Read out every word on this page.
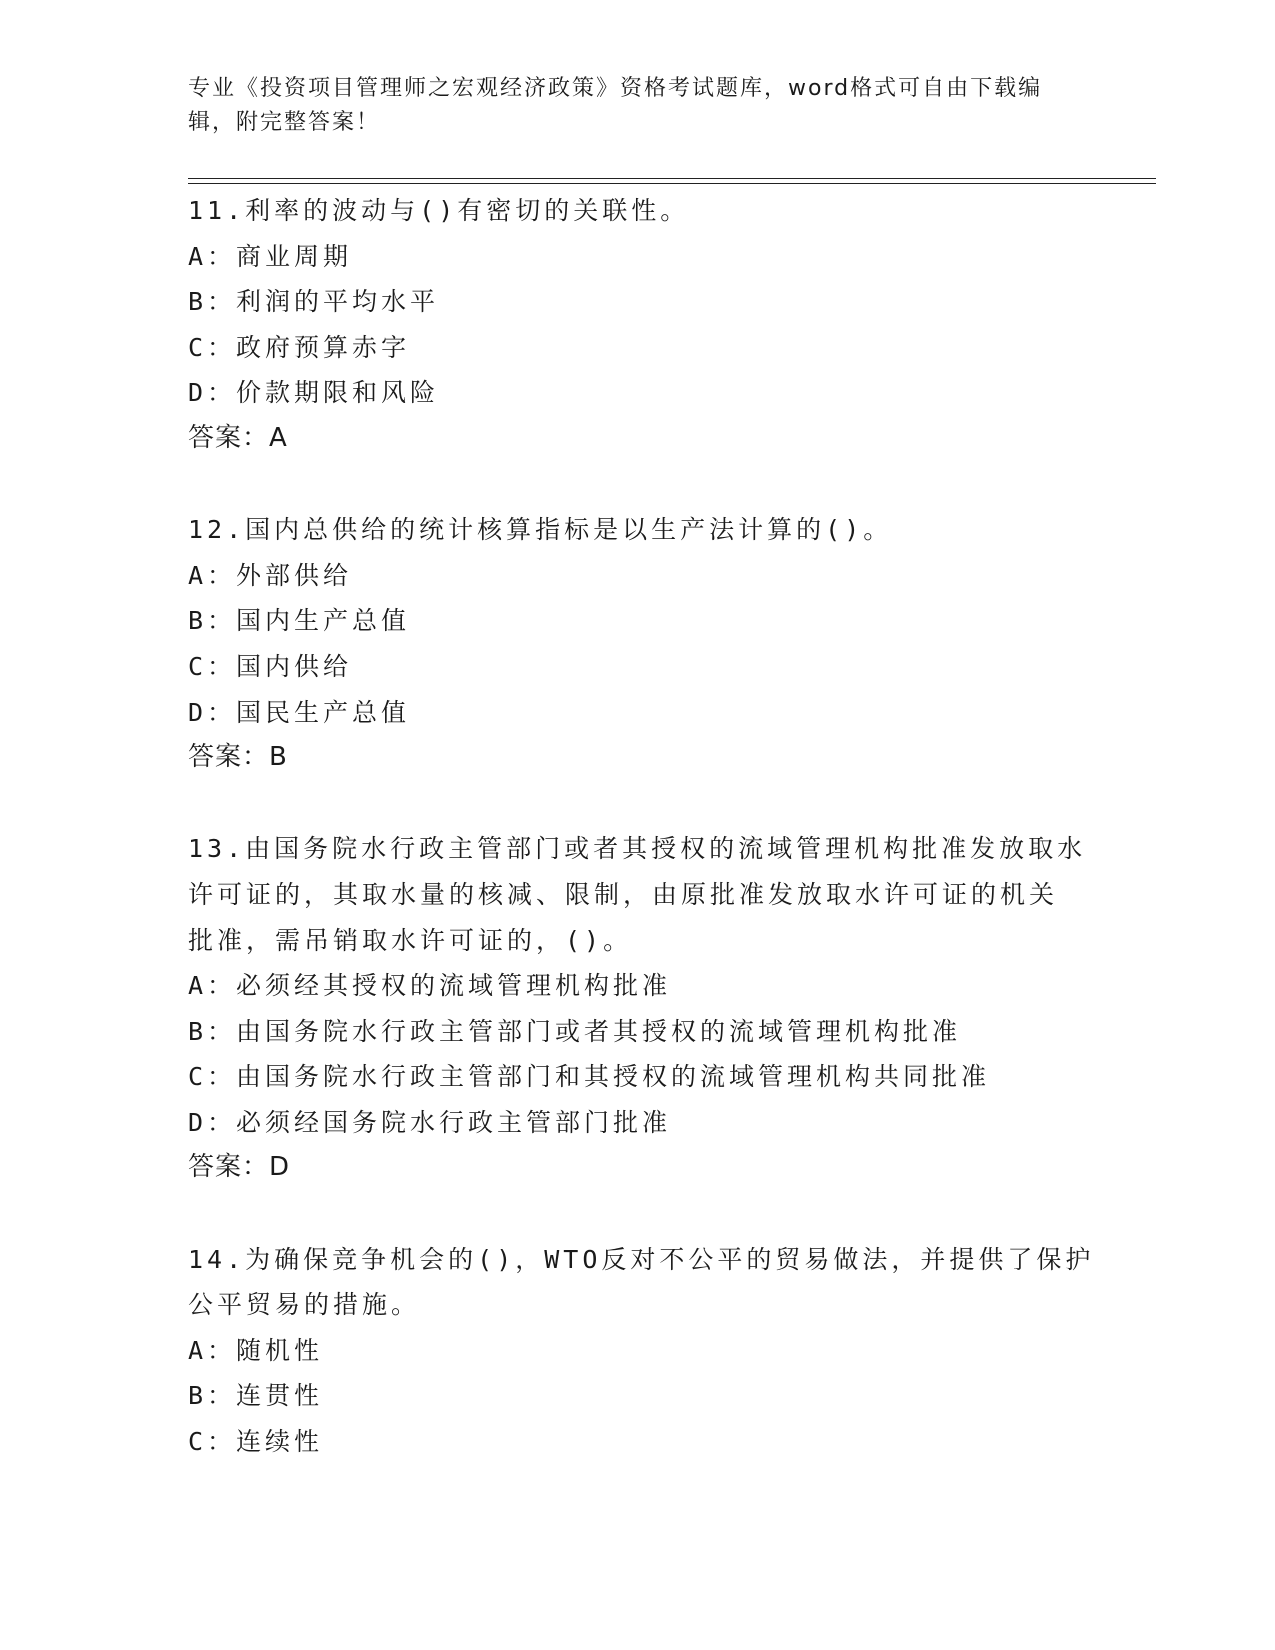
专业《投资项目管理师之宏观经济政策》资格考试题库，word格式可自由下载编辑，附完整答案！
11.利率的波动与()有密切的关联性。
A：商业周期
B：利润的平均水平
C：政府预算赤字
D：价款期限和风险
答案：A
12.国内总供给的统计核算指标是以生产法计算的()。
A：外部供给
B：国内生产总值
C：国内供给
D：国民生产总值
答案：B
13.由国务院水行政主管部门或者其授权的流域管理机构批准发放取水
许可证的，其取水量的核减、限制，由原批准发放取水许可证的机关
批准，需吊销取水许可证的，()。
A：必须经其授权的流域管理机构批准
B：由国务院水行政主管部门或者其授权的流域管理机构批准
C：由国务院水行政主管部门和其授权的流域管理机构共同批准
D：必须经国务院水行政主管部门批准
答案：D
14.为确保竞争机会的()，WTO反对不公平的贸易做法，并提供了保护
公平贸易的措施。
A：随机性
B：连贯性
C：连续性
